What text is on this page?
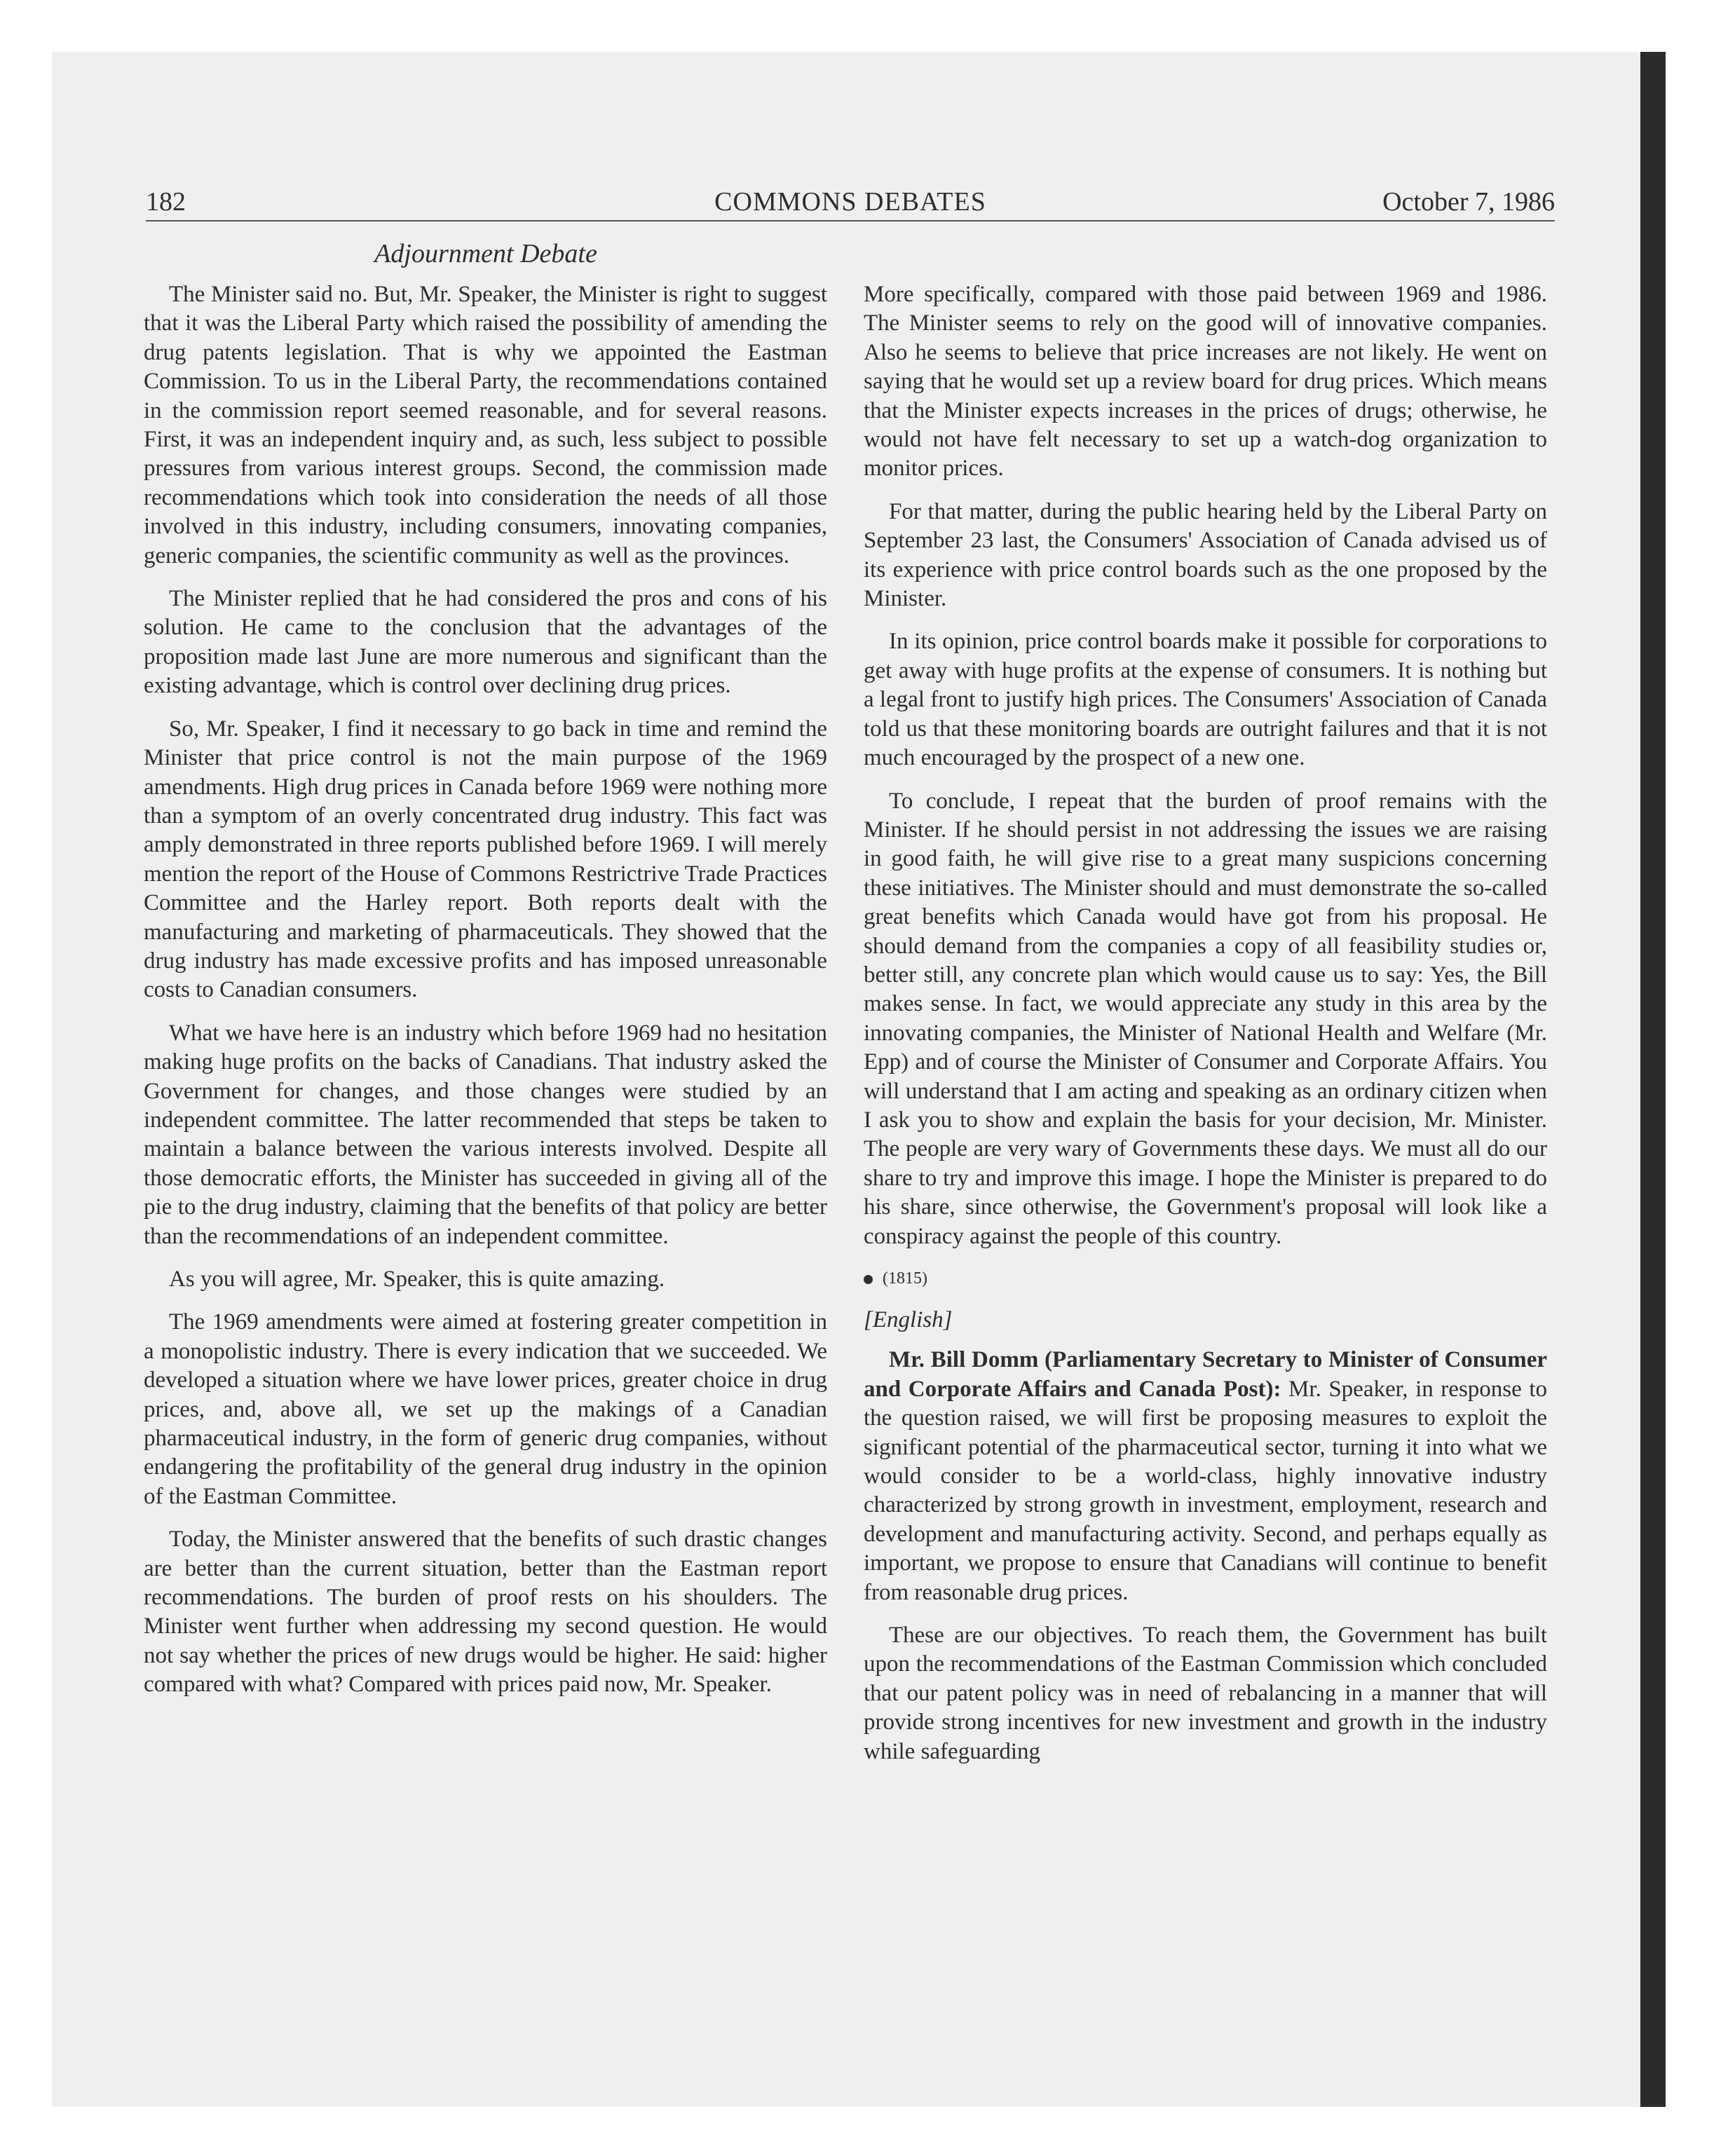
182	COMMONS DEBATES	October 7, 1986
Adjournment Debate

The Minister said no. But, Mr. Speaker, the Minister is right to suggest that it was the Liberal Party which raised the possibility of amending the drug patents legislation. That is why we appointed the Eastman Commission. To us in the Liberal Party, the recommendations contained in the commission report seemed reasonable, and for several reasons. First, it was an independent inquiry and, as such, less subject to possible pressures from various interest groups. Second, the commission made recommendations which took into consideration the needs of all those involved in this industry, including consumers, innovating companies, generic companies, the scientific community as well as the provinces.

The Minister replied that he had considered the pros and cons of his solution. He came to the conclusion that the advantages of the proposition made last June are more numerous and significant than the existing advantage, which is control over declining drug prices.

So, Mr. Speaker, I find it necessary to go back in time and remind the Minister that price control is not the main purpose of the 1969 amendments. High drug prices in Canada before 1969 were nothing more than a symptom of an overly concentrated drug industry. This fact was amply demonstrated in three reports published before 1969. I will merely mention the report of the House of Commons Restrictrive Trade Practices Committee and the Harley report. Both reports dealt with the manufacturing and marketing of pharmaceuticals. They showed that the drug industry has made excessive profits and has imposed unreasonable costs to Canadian consumers.

What we have here is an industry which before 1969 had no hesitation making huge profits on the backs of Canadians. That industry asked the Government for changes, and those changes were studied by an independent committee. The latter recommended that steps be taken to maintain a balance between the various interests involved. Despite all those democratic efforts, the Minister has succeeded in giving all of the pie to the drug industry, claiming that the benefits of that policy are better than the recommendations of an independent committee.

As you will agree, Mr. Speaker, this is quite amazing.

The 1969 amendments were aimed at fostering greater competition in a monopolistic industry. There is every indication that we succeeded. We developed a situation where we have lower prices, greater choice in drug prices, and, above all, we set up the makings of a Canadian pharmaceutical industry, in the form of generic drug companies, without endangering the profitability of the general drug industry in the opinion of the Eastman Committee.

Today, the Minister answered that the benefits of such drastic changes are better than the current situation, better than the Eastman report recommendations. The burden of proof rests on his shoulders. The Minister went further when addressing my second question. He would not say whether the prices of new drugs would be higher. He said: higher compared with what? Compared with prices paid now, Mr. Speaker.

More specifically, compared with those paid between 1969 and 1986. The Minister seems to rely on the good will of innovative companies. Also he seems to believe that price increases are not likely. He went on saying that he would set up a review board for drug prices. Which means that the Minister expects increases in the prices of drugs; otherwise, he would not have felt necessary to set up a watch-dog organization to monitor prices.

For that matter, during the public hearing held by the Liberal Party on September 23 last, the Consumers' Association of Canada advised us of its experience with price control boards such as the one proposed by the Minister.

In its opinion, price control boards make it possible for corporations to get away with huge profits at the expense of consumers. It is nothing but a legal front to justify high prices. The Consumers' Association of Canada told us that these monitoring boards are outright failures and that it is not much encouraged by the prospect of a new one.

To conclude, I repeat that the burden of proof remains with the Minister. If he should persist in not addressing the issues we are raising in good faith, he will give rise to a great many suspicions concerning these initiatives. The Minister should and must demonstrate the so-called great benefits which Canada would have got from his proposal. He should demand from the companies a copy of all feasibility studies or, better still, any concrete plan which would cause us to say: Yes, the Bill makes sense. In fact, we would appreciate any study in this area by the innovating companies, the Minister of National Health and Welfare (Mr. Epp) and of course the Minister of Consumer and Corporate Affairs. You will understand that I am acting and speaking as an ordinary citizen when I ask you to show and explain the basis for your decision, Mr. Minister. The people are very wary of Governments these days. We must all do our share to try and improve this image. I hope the Minister is prepared to do his share, since otherwise, the Government's proposal will look like a conspiracy against the people of this country.

(1815)
[English]

Mr. Bill Domm (Parliamentary Secretary to Minister of Consumer and Corporate Affairs and Canada Post): Mr. Speaker, in response to the question raised, we will first be proposing measures to exploit the significant potential of the pharmaceutical sector, turning it into what we would consider to be a world-class, highly innovative industry characterized by strong growth in investment, employment, research and development and manufacturing activity. Second, and perhaps equally as important, we propose to ensure that Canadians will continue to benefit from reasonable drug prices.

These are our objectives. To reach them, the Government has built upon the recommendations of the Eastman Commission which concluded that our patent policy was in need of rebalancing in a manner that will provide strong incentives for new investment and growth in the industry while safeguarding
